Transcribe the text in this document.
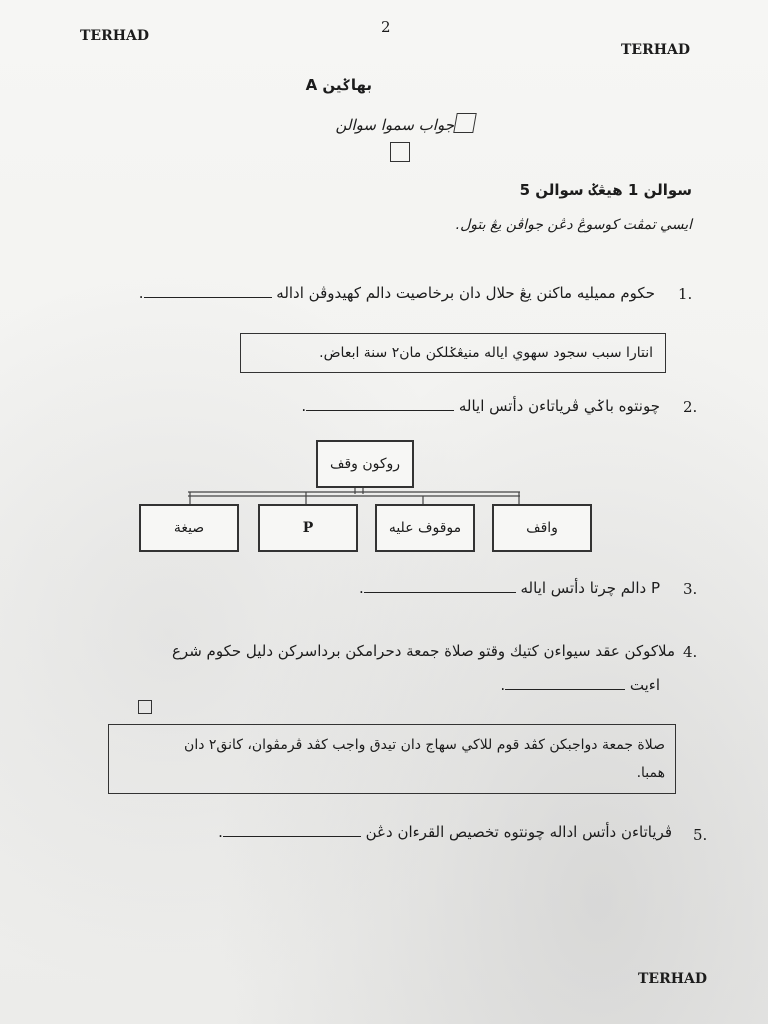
TERHAD	2
TERHAD
بهاݢين A
جواب سموا سوالن
سوالن 1 هيڠݢ سوالن 5
ايسي تمڤت كوسوڠ دڠن جواڤن يڠ بتول.
1.
حكوم مميليه ماكنن يڠ حلال دان برخاصيت دالم كهيدوڤن اداله .
انتارا سبب سجود سهوي اياله منيڠݢلكن مان٢ سنة ابعاض.
2.
چونتوه باݢي ڤرياتاءن دأتس اياله .
روكون وقف
واقف
موقوف عليه
P
صيغة
3.
P دالم چرتا دأتس اياله .
4.
ملاكوكن عقد سيواءن كتيك وقتو صلاة جمعة دحرامكن برداسركن دليل حكوم شرع
اءيت .
صلاة جمعة دواجبكن كڤد قوم للاكي سهاج دان تيدق واجب كڤد ڤرمڤوان، كانق٢ دان
همبا.
5.
ڤرياتاءن دأتس اداله چونتوه تخصيص القرءان دڠن .
TERHAD
